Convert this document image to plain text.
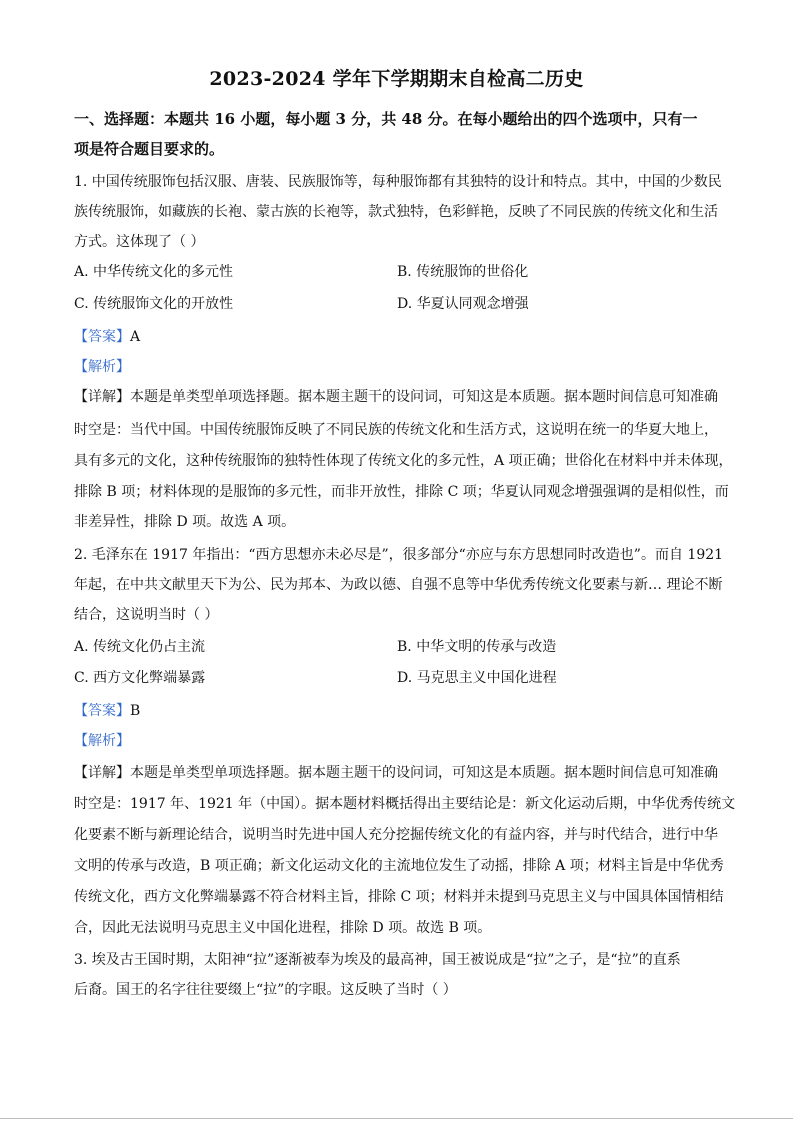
2023-2024 学年下学期期末自检高二历史
一、选择题：本题共 16 小题，每小题 3 分，共 48 分。在每小题给出的四个选项中，只有一
项是符合题目要求的。
1. 中国传统服饰包括汉服、唐装、民族服饰等，每种服饰都有其独特的设计和特点。其中，中国的少数民
族传统服饰，如藏族的长袍、蒙古族的长袍等，款式独特，色彩鲜艳，反映了不同民族的传统文化和生活
方式。这体现了（ ）
A. 中华传统文化的多元性	B. 传统服饰的世俗化
C. 传统服饰文化的开放性	D. 华夏认同观念增强
【答案】A
【解析】
【详解】本题是单类型单项选择题。据本题主题干的设问词，可知这是本质题。据本题时间信息可知准确
时空是：当代中国。中国传统服饰反映了不同民族的传统文化和生活方式，这说明在统一的华夏大地上，
具有多元的文化，这种传统服饰的独特性体现了传统文化的多元性，A 项正确；世俗化在材料中并未体现，
排除 B 项；材料体现的是服饰的多元性，而非开放性，排除 C 项；华夏认同观念增强强调的是相似性，而
非差异性，排除 D 项。故选 A 项。
2. 毛泽东在 1917 年指出：“西方思想亦未必尽是”，很多部分“亦应与东方思想同时改造也”。而自 1921
年起，在中共文献里天下为公、民为邦本、为政以德、自强不息等中华优秀传统文化要素与新… 理论不断
结合，这说明当时（ ）
A. 传统文化仍占主流	B. 中华文明的传承与改造
C. 西方文化弊端暴露	D. 马克思主义中国化进程
【答案】B
【解析】
【详解】本题是单类型单项选择题。据本题主题干的设问词，可知这是本质题。据本题时间信息可知准确
时空是：1917 年、1921 年（中国）。据本题材料概括得出主要结论是：新文化运动后期，中华优秀传统文
化要素不断与新理论结合，说明当时先进中国人充分挖掘传统文化的有益内容，并与时代结合，进行中华
文明的传承与改造，B 项正确；新文化运动文化的主流地位发生了动摇，排除 A 项；材料主旨是中华优秀
传统文化，西方文化弊端暴露不符合材料主旨，排除 C 项；材料并未提到马克思主义与中国具体国情相结
合，因此无法说明马克思主义中国化进程，排除 D 项。故选 B 项。
3. 埃及古王国时期，太阳神“拉”逐渐被奉为埃及的最高神，国王被说成是“拉”之子，是“拉”的直系
后裔。国王的名字往往要缀上“拉”的字眼。这反映了当时（ ）
